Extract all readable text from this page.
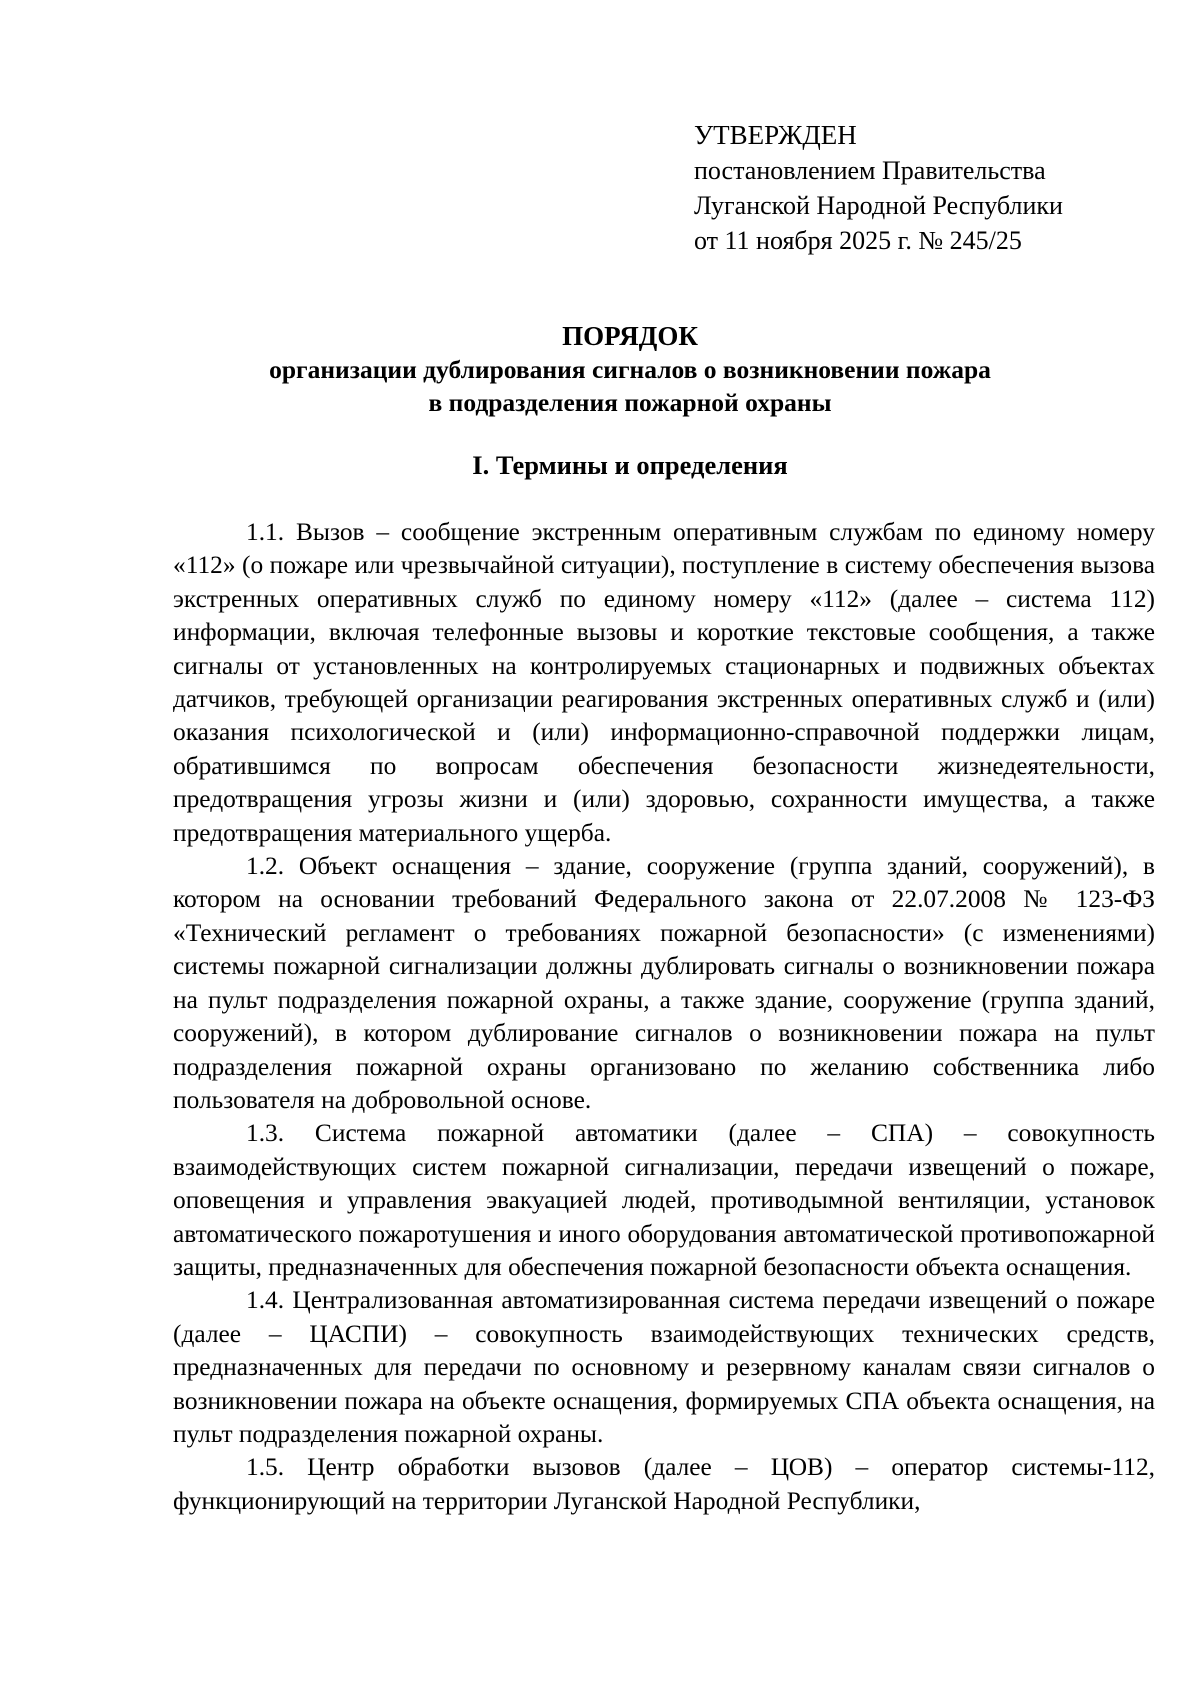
УТВЕРЖДЕН
постановлением Правительства
Луганской Народной Республики
от 11 ноября 2025 г. № 245/25
ПОРЯДОК
организации дублирования сигналов о возникновении пожара
в подразделения пожарной охраны
I. Термины и определения

1.1. Вызов – сообщение экстренным оперативным службам по единому номеру «112» (о пожаре или чрезвычайной ситуации), поступление в систему обеспечения вызова экстренных оперативных служб по единому номеру «112» (далее – система 112) информации, включая телефонные вызовы и короткие текстовые сообщения, а также сигналы от установленных на контролируемых стационарных и подвижных объектах датчиков, требующей организации реагирования экстренных оперативных служб и (или) оказания психологической и (или) информационно-справочной поддержки лицам, обратившимся по вопросам обеспечения безопасности жизнедеятельности, предотвращения угрозы жизни и (или) здоровью, сохранности имущества, а также предотвращения материального ущерба.

1.2. Объект оснащения – здание, сооружение (группа зданий, сооружений), в котором на основании требований Федерального закона от 22.07.2008 № 123-ФЗ «Технический регламент о требованиях пожарной безопасности» (с изменениями) системы пожарной сигнализации должны дублировать сигналы о возникновении пожара на пульт подразделения пожарной охраны, а также здание, сооружение (группа зданий, сооружений), в котором дублирование сигналов о возникновении пожара на пульт подразделения пожарной охраны организовано по желанию собственника либо пользователя на добровольной основе.

1.3. Система пожарной автоматики (далее – СПА) – совокупность взаимодействующих систем пожарной сигнализации, передачи извещений о пожаре, оповещения и управления эвакуацией людей, противодымной вентиляции, установок автоматического пожаротушения и иного оборудования автоматической противопожарной защиты, предназначенных для обеспечения пожарной безопасности объекта оснащения.

1.4. Централизованная автоматизированная система передачи извещений о пожаре (далее – ЦАСПИ) – совокупность взаимодействующих технических средств, предназначенных для передачи по основному и резервному каналам связи сигналов о возникновении пожара на объекте оснащения, формируемых СПА объекта оснащения, на пульт подразделения пожарной охраны.

1.5. Центр обработки вызовов (далее – ЦОВ) – оператор системы-112, функционирующий на территории Луганской Народной Республики,
